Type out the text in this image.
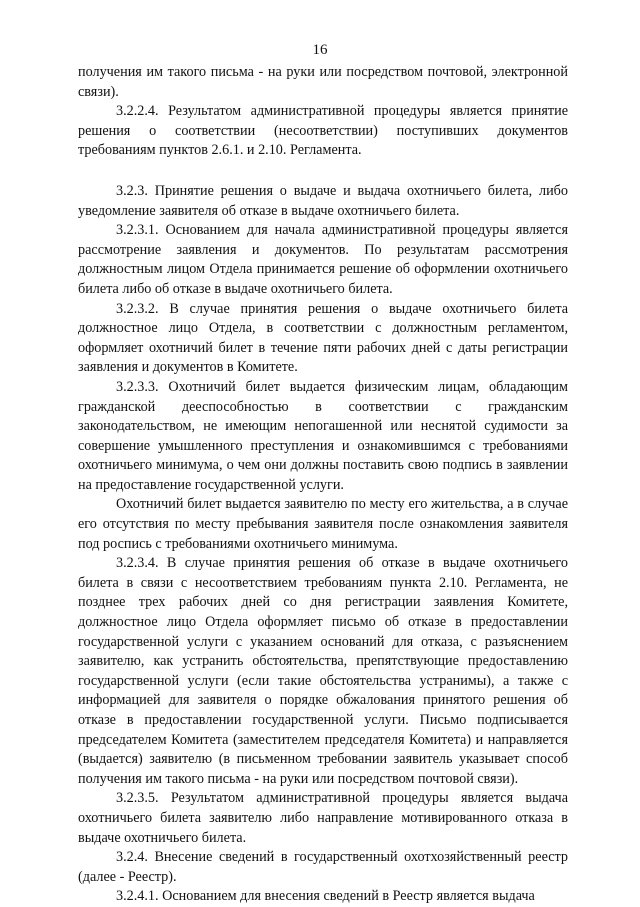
16

получения им такого письма - на руки или посредством почтовой, электронной связи).

3.2.2.4. Результатом административной процедуры является принятие решения о соответствии (несоответствии) поступивших документов требованиям пунктов 2.6.1. и 2.10. Регламента.

3.2.3. Принятие решения о выдаче и выдача охотничьего билета, либо уведомление заявителя об отказе в выдаче охотничьего билета.

3.2.3.1. Основанием для начала административной процедуры является рассмотрение заявления и документов. По результатам рассмотрения должностным лицом Отдела принимается решение об оформлении охотничьего билета либо об отказе в выдаче охотничьего билета.

3.2.3.2. В случае принятия решения о выдаче охотничьего билета должностное лицо Отдела, в соответствии с должностным регламентом, оформляет охотничий билет в течение пяти рабочих дней с даты регистрации заявления и документов в Комитете.

3.2.3.3. Охотничий билет выдается физическим лицам, обладающим гражданской дееспособностью в соответствии с гражданским законодательством, не имеющим непогашенной или неснятой судимости за совершение умышленного преступления и ознакомившимся с требованиями охотничьего минимума, о чем они должны поставить свою подпись в заявлении на предоставление государственной услуги.

Охотничий билет выдается заявителю по месту его жительства, а в случае его отсутствия по месту пребывания заявителя после ознакомления заявителя под роспись с требованиями охотничьего минимума.

3.2.3.4. В случае принятия решения об отказе в выдаче охотничьего билета в связи с несоответствием требованиям пункта 2.10. Регламента, не позднее трех рабочих дней со дня регистрации заявления Комитете, должностное лицо Отдела оформляет письмо об отказе в предоставлении государственной услуги с указанием оснований для отказа, с разъяснением заявителю, как устранить обстоятельства, препятствующие предоставлению государственной услуги (если такие обстоятельства устранимы), а также с информацией для заявителя о порядке обжалования принятого решения об отказе в предоставлении государственной услуги. Письмо подписывается председателем Комитета (заместителем председателя Комитета) и направляется (выдается) заявителю (в письменном требовании заявитель указывает способ получения им такого письма - на руки или посредством почтовой связи).

3.2.3.5. Результатом административной процедуры является выдача охотничьего билета заявителю либо направление мотивированного отказа в выдаче охотничьего билета.

3.2.4. Внесение сведений в государственный охотхозяйственный реестр (далее - Реестр).

3.2.4.1. Основанием для внесения сведений в Реестр является выдача
